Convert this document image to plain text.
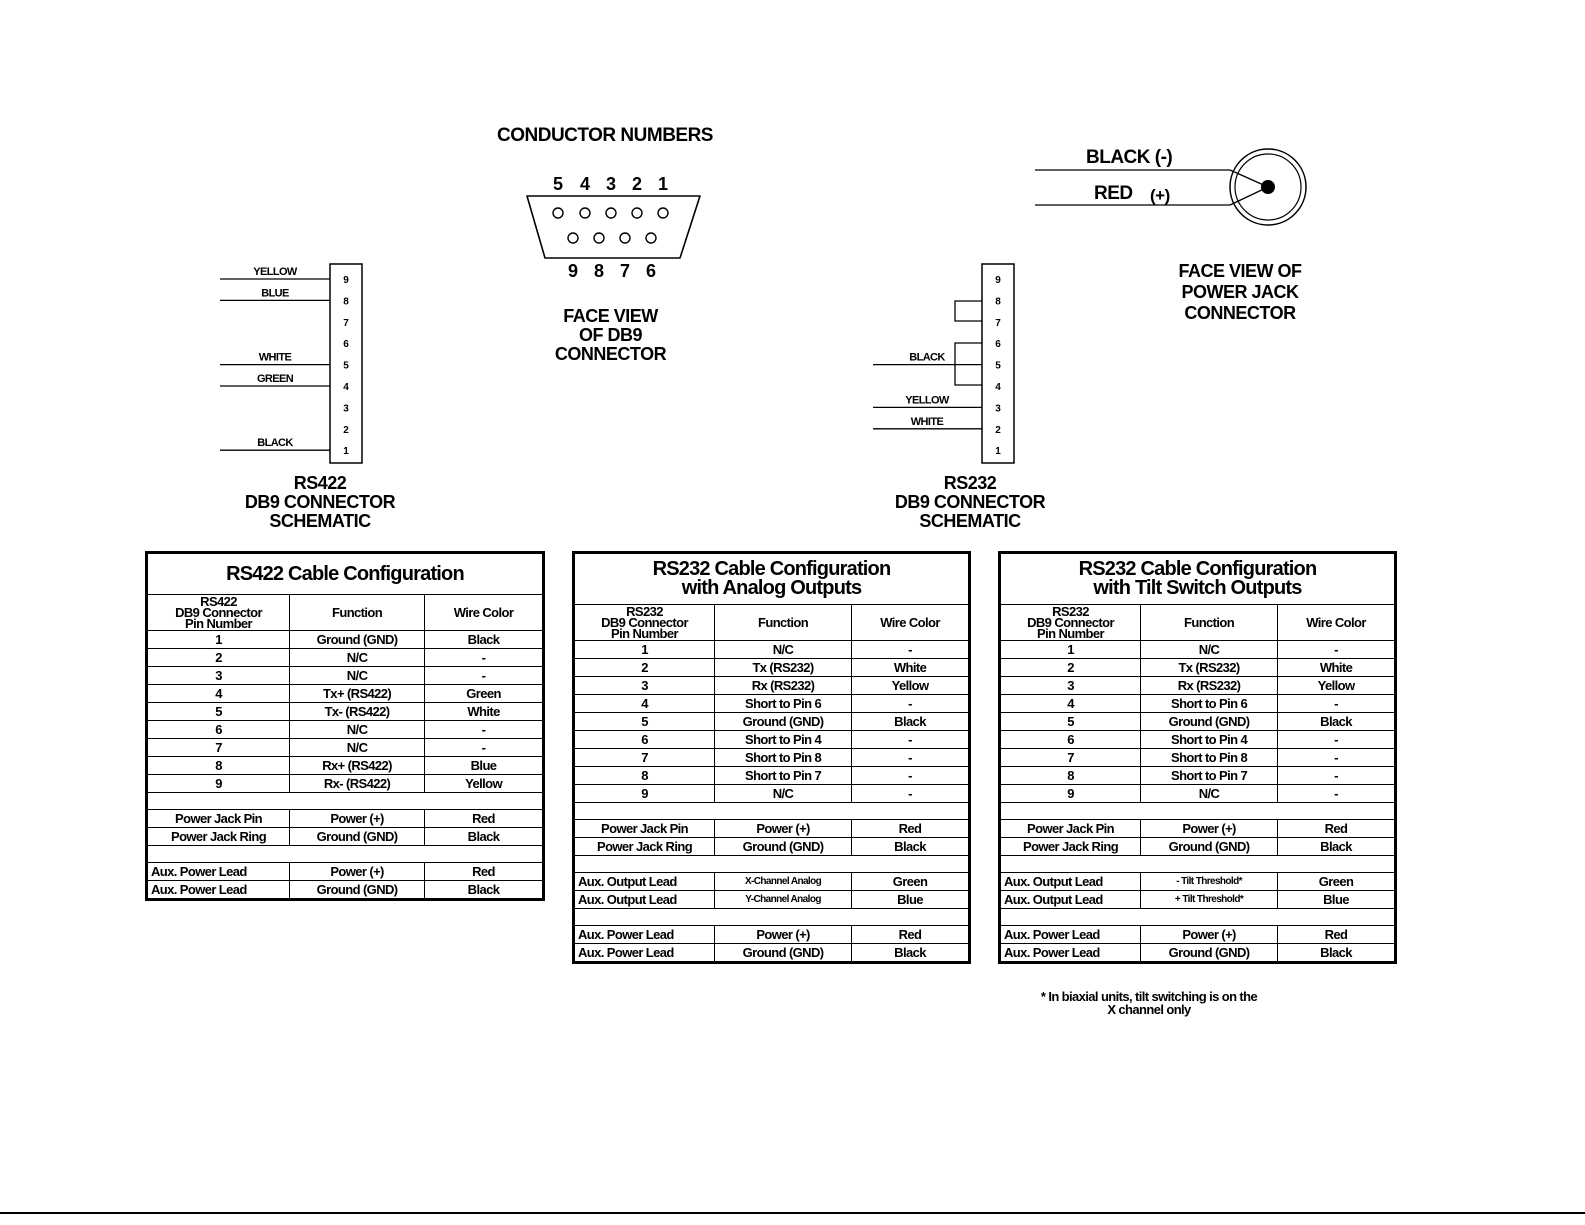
CONDUCTOR NUMBERS
5 4 3 2 1
9 8 7 6
FACE VIEW
OF DB9
CONNECTOR
BLACK (-)
RED (+)
FACE VIEW OF
POWER JACK
CONNECTOR
9
8
7
6
5
4
3
2
1
YELLOW
BLUE
WHITE
GREEN
BLACK
RS422
DB9 CONNECTOR
SCHEMATIC
9
8
7
6
5
4
3
2
1
BLACK
YELLOW
WHITE
RS232
DB9 CONNECTOR
SCHEMATIC
RS422 Cable Configuration		

RS422
DB9 Connector
Pin Number	Function	Wire Color
1	Ground (GND)	Black
2	N/C	-
3	N/C	-
4	Tx+ (RS422)	Green
5	Tx- (RS422)	White
6	N/C	-
7	N/C	-
8	Rx+ (RS422)	Blue
9	Rx- (RS422)	Yellow

Power Jack Pin	Power (+)	Red
Power Jack Ring	Ground (GND)	Black

Aux. Power Lead	Power (+)	Red
Aux. Power Lead	Ground (GND)	Black
RS232 Cable Configuration
with Analog Outputs		

RS232
DB9 Connector
Pin Number	Function	Wire Color
1	N/C	-
2	Tx (RS232)	White
3	Rx (RS232)	Yellow
4	Short to Pin 6	-
5	Ground (GND)	Black
6	Short to Pin 4	-
7	Short to Pin 8	-
8	Short to Pin 7	-
9	N/C	-

Power Jack Pin	Power (+)	Red
Power Jack Ring	Ground (GND)	Black

Aux. Output Lead	X-Channel Analog	Green
Aux. Output Lead	Y-Channel Analog	Blue

Aux. Power Lead	Power (+)	Red
Aux. Power Lead	Ground (GND)	Black
RS232 Cable Configuration
with Tilt Switch Outputs		

RS232
DB9 Connector
Pin Number	Function	Wire Color
1	N/C	-
2	Tx (RS232)	White
3	Rx (RS232)	Yellow
4	Short to Pin 6	-
5	Ground (GND)	Black
6	Short to Pin 4	-
7	Short to Pin 8	-
8	Short to Pin 7	-
9	N/C	-

Power Jack Pin	Power (+)	Red
Power Jack Ring	Ground (GND)	Black

Aux. Output Lead	- Tilt Threshold*	Green
Aux. Output Lead	+ Tilt Threshold*	Blue

Aux. Power Lead	Power (+)	Red
Aux. Power Lead	Ground (GND)	Black
* In biaxial units, tilt switching is on the
X channel only
